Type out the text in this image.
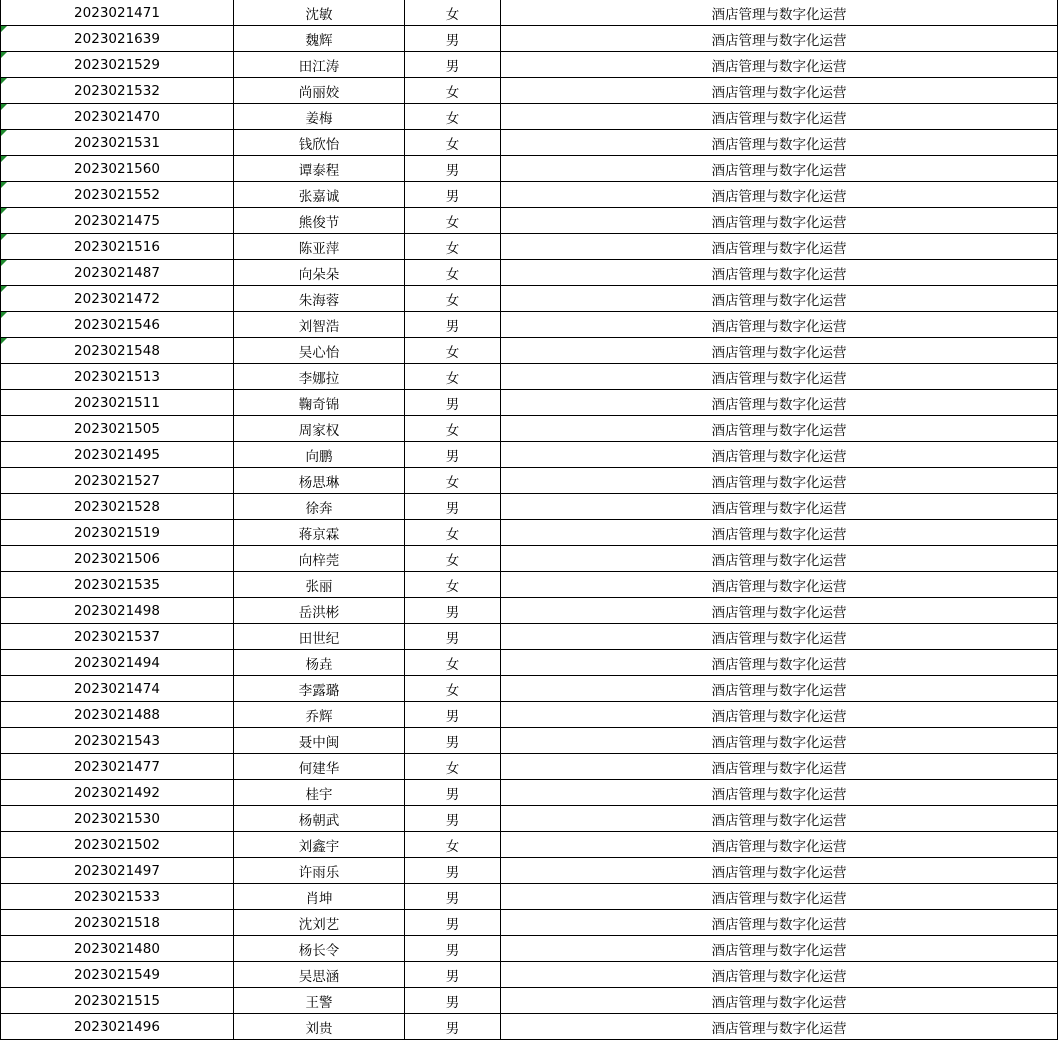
2023021471	沈敏	女	酒店管理与数字化运营

2023021639	魏辉	男	酒店管理与数字化运营

2023021529	田江涛	男	酒店管理与数字化运营

2023021532	尚丽姣	女	酒店管理与数字化运营

2023021470	姜梅	女	酒店管理与数字化运营

2023021531	钱欣怡	女	酒店管理与数字化运营

2023021560	谭泰程	男	酒店管理与数字化运营

2023021552	张嘉诚	男	酒店管理与数字化运营

2023021475	熊俊节	女	酒店管理与数字化运营

2023021516	陈亚萍	女	酒店管理与数字化运营

2023021487	向朵朵	女	酒店管理与数字化运营

2023021472	朱海蓉	女	酒店管理与数字化运营

2023021546	刘智浩	男	酒店管理与数字化运营

2023021548	吴心怡	女	酒店管理与数字化运营
2023021513	李娜拉	女	酒店管理与数字化运营
2023021511	鞠奇锦	男	酒店管理与数字化运营
2023021505	周家权	女	酒店管理与数字化运营
2023021495	向鹏	男	酒店管理与数字化运营
2023021527	杨思琳	女	酒店管理与数字化运营
2023021528	徐奔	男	酒店管理与数字化运营
2023021519	蒋京霖	女	酒店管理与数字化运营
2023021506	向梓莞	女	酒店管理与数字化运营
2023021535	张丽	女	酒店管理与数字化运营
2023021498	岳洪彬	男	酒店管理与数字化运营
2023021537	田世纪	男	酒店管理与数字化运营
2023021494	杨垚	女	酒店管理与数字化运营
2023021474	李露璐	女	酒店管理与数字化运营
2023021488	乔辉	男	酒店管理与数字化运营
2023021543	聂中闽	男	酒店管理与数字化运营
2023021477	何建华	女	酒店管理与数字化运营
2023021492	桂宇	男	酒店管理与数字化运营
2023021530	杨朝武	男	酒店管理与数字化运营
2023021502	刘鑫宇	女	酒店管理与数字化运营
2023021497	许雨乐	男	酒店管理与数字化运营
2023021533	肖坤	男	酒店管理与数字化运营
2023021518	沈刘艺	男	酒店管理与数字化运营
2023021480	杨长令	男	酒店管理与数字化运营
2023021549	吴思涵	男	酒店管理与数字化运营
2023021515	王警	男	酒店管理与数字化运营
2023021496	刘贵	男	酒店管理与数字化运营
